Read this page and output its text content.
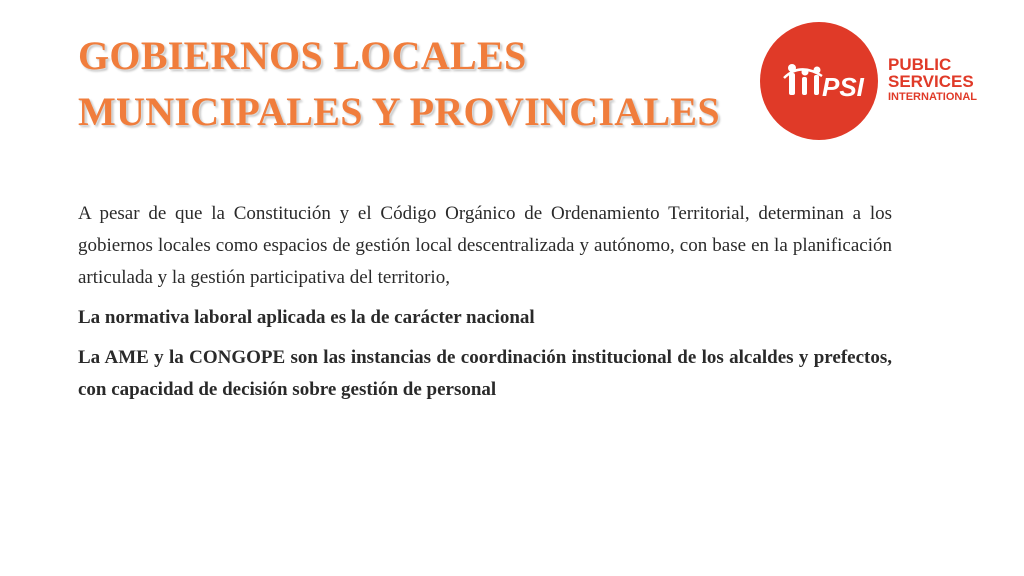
GOBIERNOS LOCALES
MUNICIPALES Y PROVINCIALES
PSI
PUBLIC
SERVICES
INTERNATIONAL

A pesar de que la Constitución y el Código Orgánico de Ordenamiento Territorial, determinan a los gobiernos locales como espacios de gestión local descentralizada y autónomo, con base en la planificación articulada y la gestión participativa del territorio,

La normativa laboral aplicada es la de carácter nacional

La AME y la CONGOPE son las instancias de coordinación institucional de los alcaldes y prefectos, con capacidad de decisión sobre gestión de personal
